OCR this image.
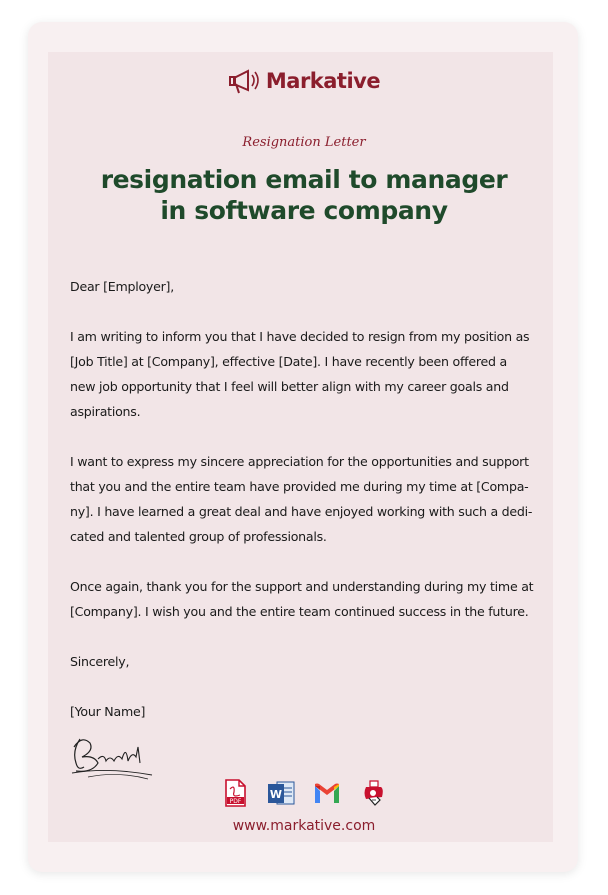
Markative
Resignation Letter
resignation email to manager
in software company
Dear [Employer],
I am writing to inform you that I have decided to resign from my position as
[Job Title] at [Company], effective [Date]. I have recently been offered a
new job opportunity that I feel will better align with my career goals and
aspirations.
I want to express my sincere appreciation for the opportunities and support
that you and the entire team have provided me during my time at [Compa-
ny]. I have learned a great deal and have enjoyed working with such a dedi-
cated and talented group of professionals.
Once again, thank you for the support and understanding during my time at
[Company]. I wish you and the entire team continued success in the future.
Sincerely,
[Your Name]
PDF
W
www.markative.com
